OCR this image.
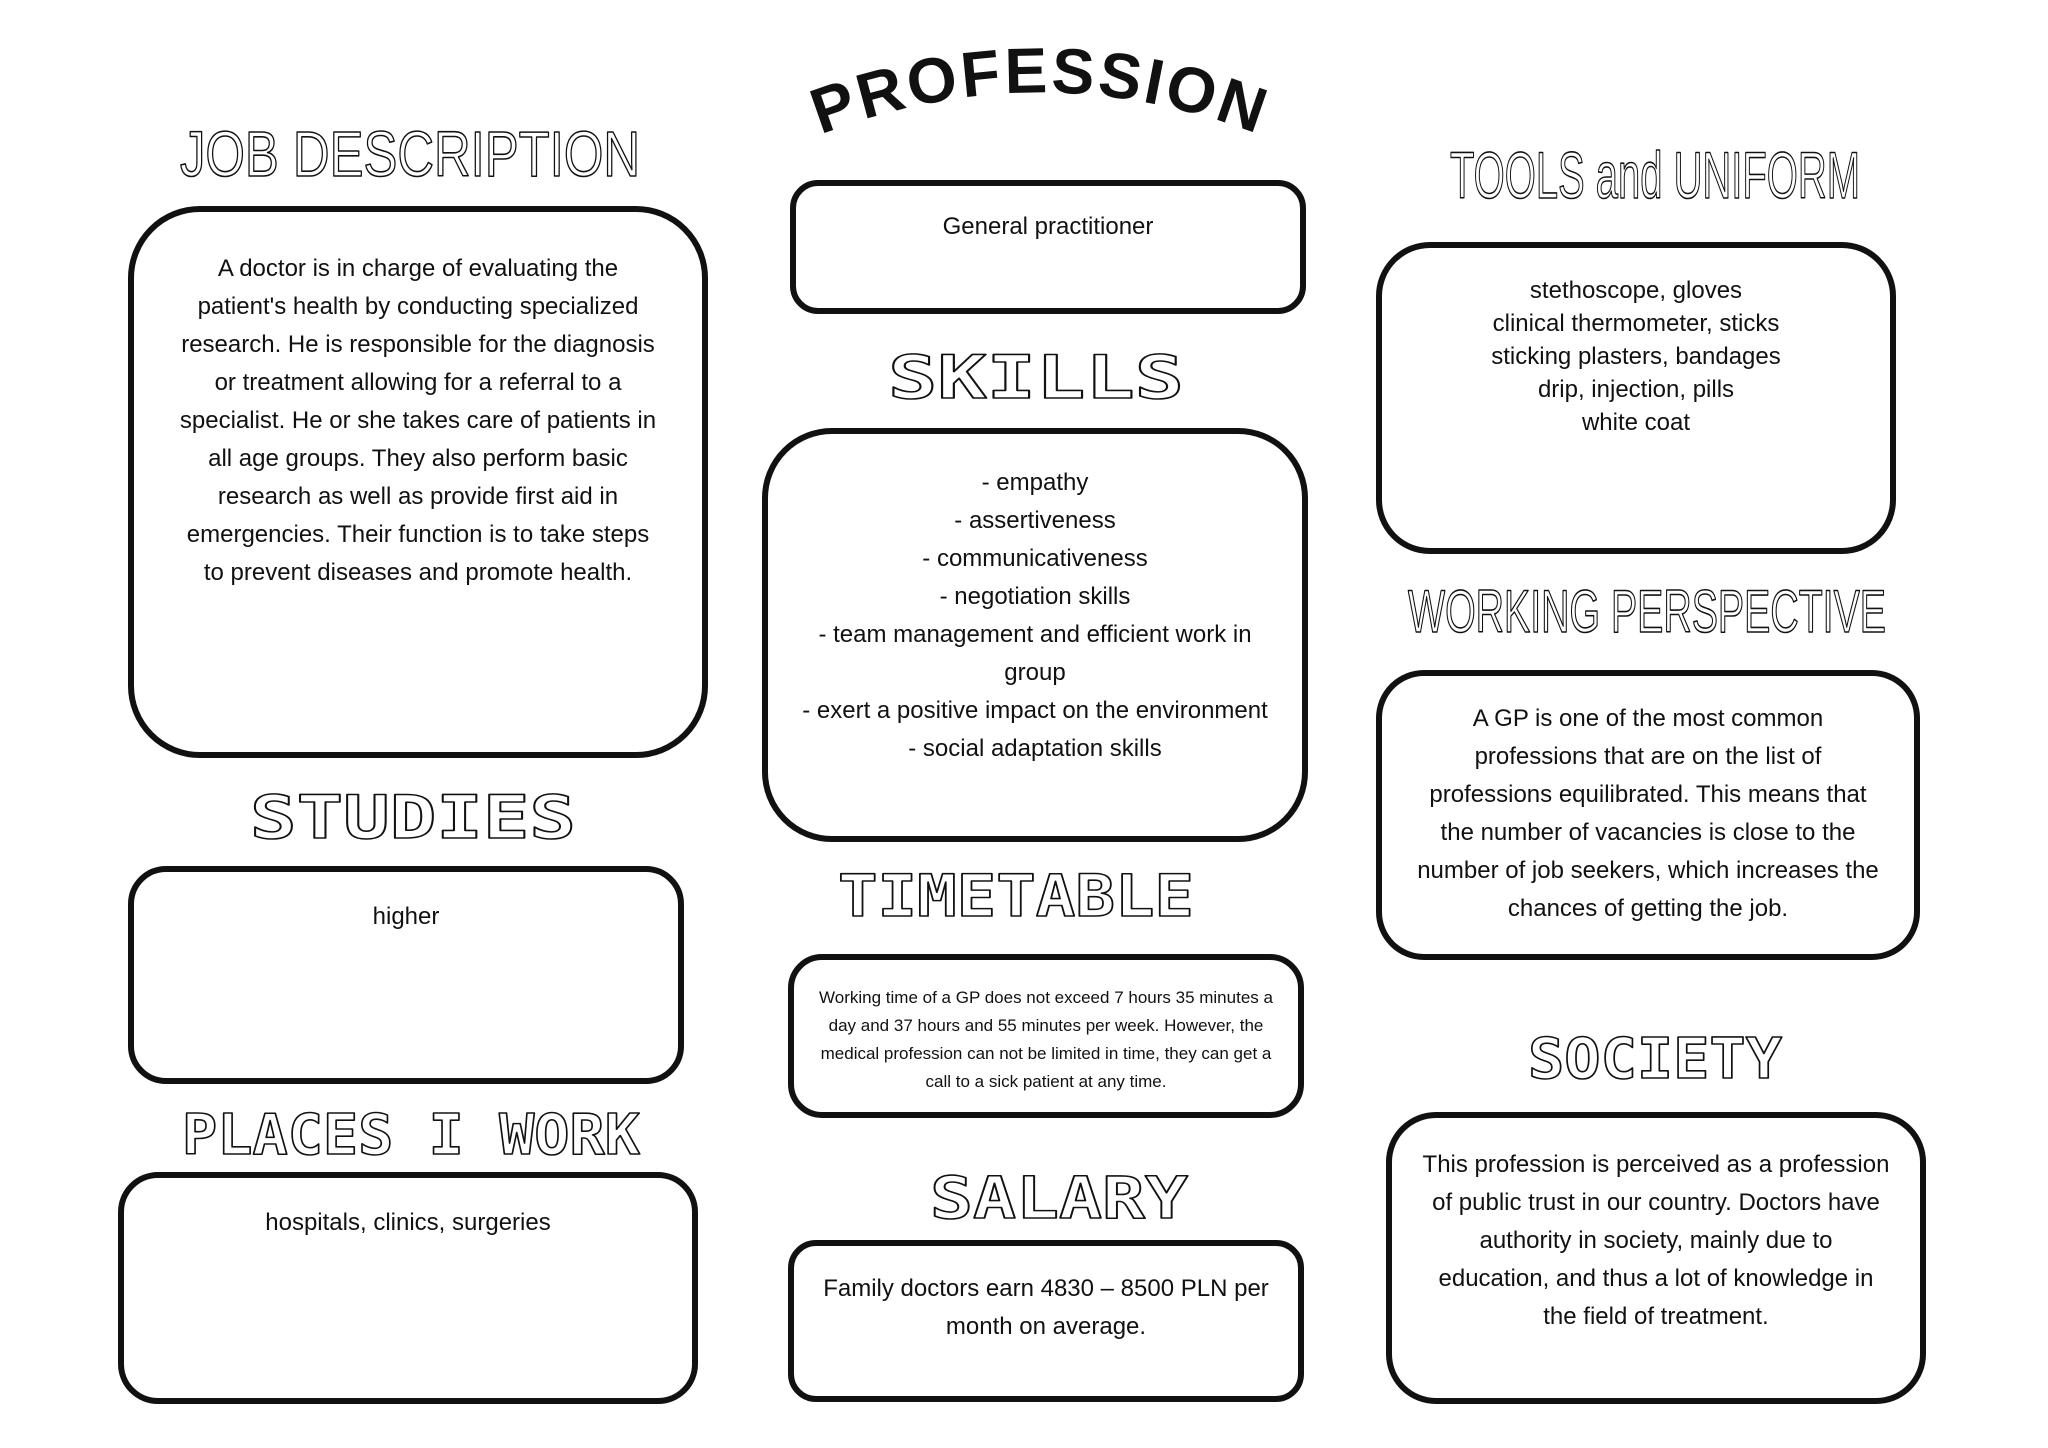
PROFESSION
JOB DESCRIPTION
A doctor is in charge of evaluating the patient's health by conducting specialized research. He is responsible for the diagnosis or treatment allowing for a referral to a specialist. He or she takes care of patients in all age groups. They also perform basic research as well as provide first aid in emergencies. Their function is to take steps to prevent diseases and promote health.
STUDIES
higher
PLACES I WORK
hospitals, clinics, surgeries
General practitioner
SKILLS
- empathy
- assertiveness
- communicativeness
- negotiation skills
- team management and efficient work in group
- exert a positive impact on the environment
- social adaptation skills
TIMETABLE
Working time of a GP does not exceed 7 hours 35 minutes a day and 37 hours and 55 minutes per week. However, the medical profession can not be limited in time, they can get a call to a sick patient at any time.
SALARY
Family doctors earn 4830 – 8500 PLN per month on average.
TOOLS and UNIFORM
stethoscope, gloves
clinical thermometer, sticks
sticking plasters, bandages
drip, injection, pills
white coat
WORKING PERSPECTIVE
A GP is one of the most common professions that are on the list of professions equilibrated. This means that the number of vacancies is close to the number of job seekers, which increases the chances of getting the job.
SOCIETY
This profession is perceived as a profession of public trust in our country. Doctors have authority in society, mainly due to education, and thus a lot of knowledge in the field of treatment.
